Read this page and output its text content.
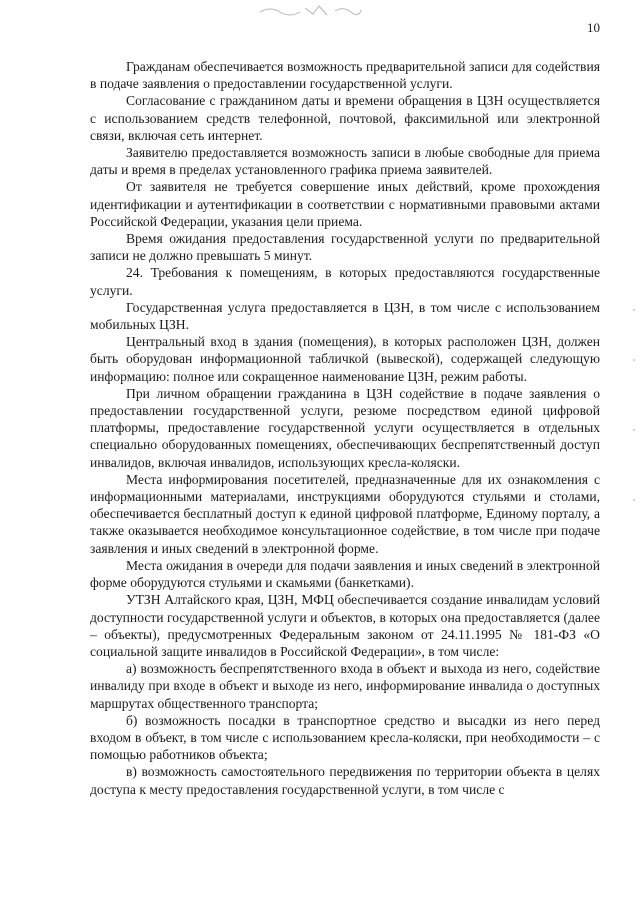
10

Гражданам обеспечивается возможность предварительной записи для содействия в подаче заявления о предоставлении государственной услуги.

Согласование с гражданином даты и времени обращения в ЦЗН осуществляется с использованием средств телефонной, почтовой, факсимильной или электронной связи, включая сеть интернет.

Заявителю предоставляется возможность записи в любые свободные для приема даты и время в пределах установленного графика приема заявителей.

От заявителя не требуется совершение иных действий, кроме прохождения идентификации и аутентификации в соответствии с нормативными правовыми актами Российской Федерации, указания цели приема.

Время ожидания предоставления государственной услуги по предварительной записи не должно превышать 5 минут.

24. Требования к помещениям, в которых предоставляются государственные услуги.

Государственная услуга предоставляется в ЦЗН, в том числе с использованием мобильных ЦЗН.

Центральный вход в здания (помещения), в которых расположен ЦЗН, должен быть оборудован информационной табличкой (вывеской), содержащей следующую информацию: полное или сокращенное наименование ЦЗН, режим работы.

При личном обращении гражданина в ЦЗН содействие в подаче заявления о предоставлении государственной услуги, резюме посредством единой цифровой платформы, предоставление государственной услуги осуществляется в отдельных специально оборудованных помещениях, обеспечивающих беспрепятственный доступ инвалидов, включая инвалидов, использующих кресла-коляски.

Места информирования посетителей, предназначенные для их ознакомления с информационными материалами, инструкциями оборудуются стульями и столами, обеспечивается бесплатный доступ к единой цифровой платформе, Единому порталу, а также оказывается необходимое консультационное содействие, в том числе при подаче заявления и иных сведений в электронной форме.

Места ожидания в очереди для подачи заявления и иных сведений в электронной форме оборудуются стульями и скамьями (банкетками).

УТЗН Алтайского края, ЦЗН, МФЦ обеспечивается создание инвалидам условий доступности государственной услуги и объектов, в которых она предоставляется (далее – объекты), предусмотренных Федеральным законом от 24.11.1995 № 181-ФЗ «О социальной защите инвалидов в Российской Федерации», в том числе:

а) возможность беспрепятственного входа в объект и выхода из него, содействие инвалиду при входе в объект и выходе из него, информирование инвалида о доступных маршрутах общественного транспорта;

б) возможность посадки в транспортное средство и высадки из него перед входом в объект, в том числе с использованием кресла-коляски, при необходимости – с помощью работников объекта;

в) возможность самостоятельного передвижения по территории объекта в целях доступа к месту предоставления государственной услуги, в том числе с
